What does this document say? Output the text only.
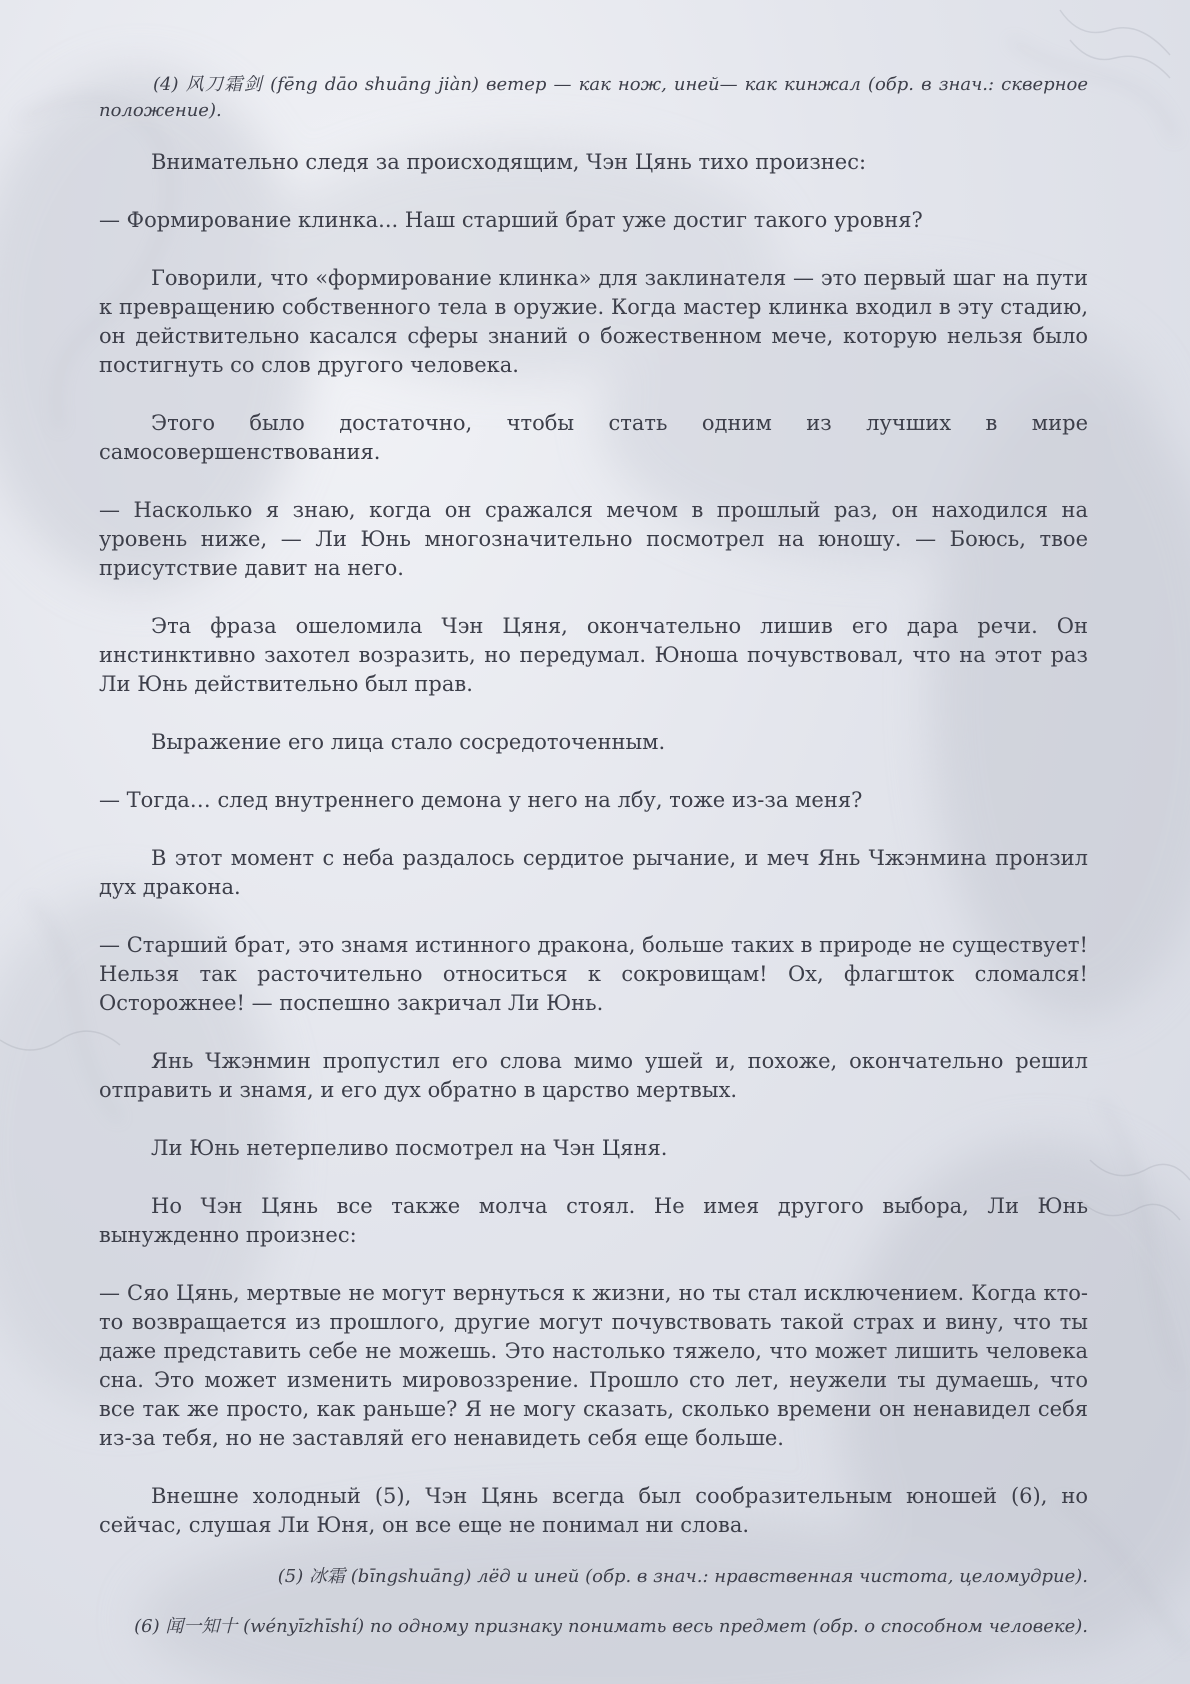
(4) 风刀霜剑 (fēng dāo shuāng jiàn) ветер — как нож, иней— как кинжал (обр. в знач.: скверное положение).

Внимательно следя за происходящим, Чэн Цянь тихо произнес:

— Формирование клинка... Наш старший брат уже достиг такого уровня?

Говорили, что «формирование клинка» для заклинателя — это первый шаг на пути к превращению собственного тела в оружие. Когда мастер клинка входил в эту стадию, он действительно касался сферы знаний о божественном мече, которую нельзя было постигнуть со слов другого человека.

Этого было достаточно, чтобы стать одним из лучших в мире самосовершенствования.

— Насколько я знаю, когда он сражался мечом в прошлый раз, он находился на уровень ниже, — Ли Юнь многозначительно посмотрел на юношу. — Боюсь, твое присутствие давит на него.

Эта фраза ошеломила Чэн Цяня, окончательно лишив его дара речи. Он инстинктивно захотел возразить, но передумал. Юноша почувствовал, что на этот раз Ли Юнь действительно был прав.

Выражение его лица стало сосредоточенным.

— Тогда… след внутреннего демона у него на лбу, тоже из-за меня?

В этот момент с неба раздалось сердитое рычание, и меч Янь Чжэнмина пронзил дух дракона.

— Старший брат, это знамя истинного дракона, больше таких в природе не существует! Нельзя так расточительно относиться к сокровищам! Ох, флагшток сломался! Осторожнее! — поспешно закричал Ли Юнь.

Янь Чжэнмин пропустил его слова мимо ушей и, похоже, окончательно решил отправить и знамя, и его дух обратно в царство мертвых.

Ли Юнь нетерпеливо посмотрел на Чэн Цяня.

Но Чэн Цянь все также молча стоял. Не имея другого выбора, Ли Юнь вынужденно произнес:

— Сяо Цянь, мертвые не могут вернуться к жизни, но ты стал исключением. Когда кто-то возвращается из прошлого, другие могут почувствовать такой страх и вину, что ты даже представить себе не можешь. Это настолько тяжело, что может лишить человека сна. Это может изменить мировоззрение. Прошло сто лет, неужели ты думаешь, что все так же просто, как раньше? Я не могу сказать, сколько времени он ненавидел себя из-за тебя, но не заставляй его ненавидеть себя еще больше.

Внешне холодный (5), Чэн Цянь всегда был сообразительным юношей (6), но сейчас, слушая Ли Юня, он все еще не понимал ни слова.

(5) 冰霜 (bīngshuāng) лёд и иней (обр. в знач.: нравственная чистота, целомудрие).

(6) 闻一知十 (wényīzhīshí) по одному признаку понимать весь предмет (обр. о способном человеке).
